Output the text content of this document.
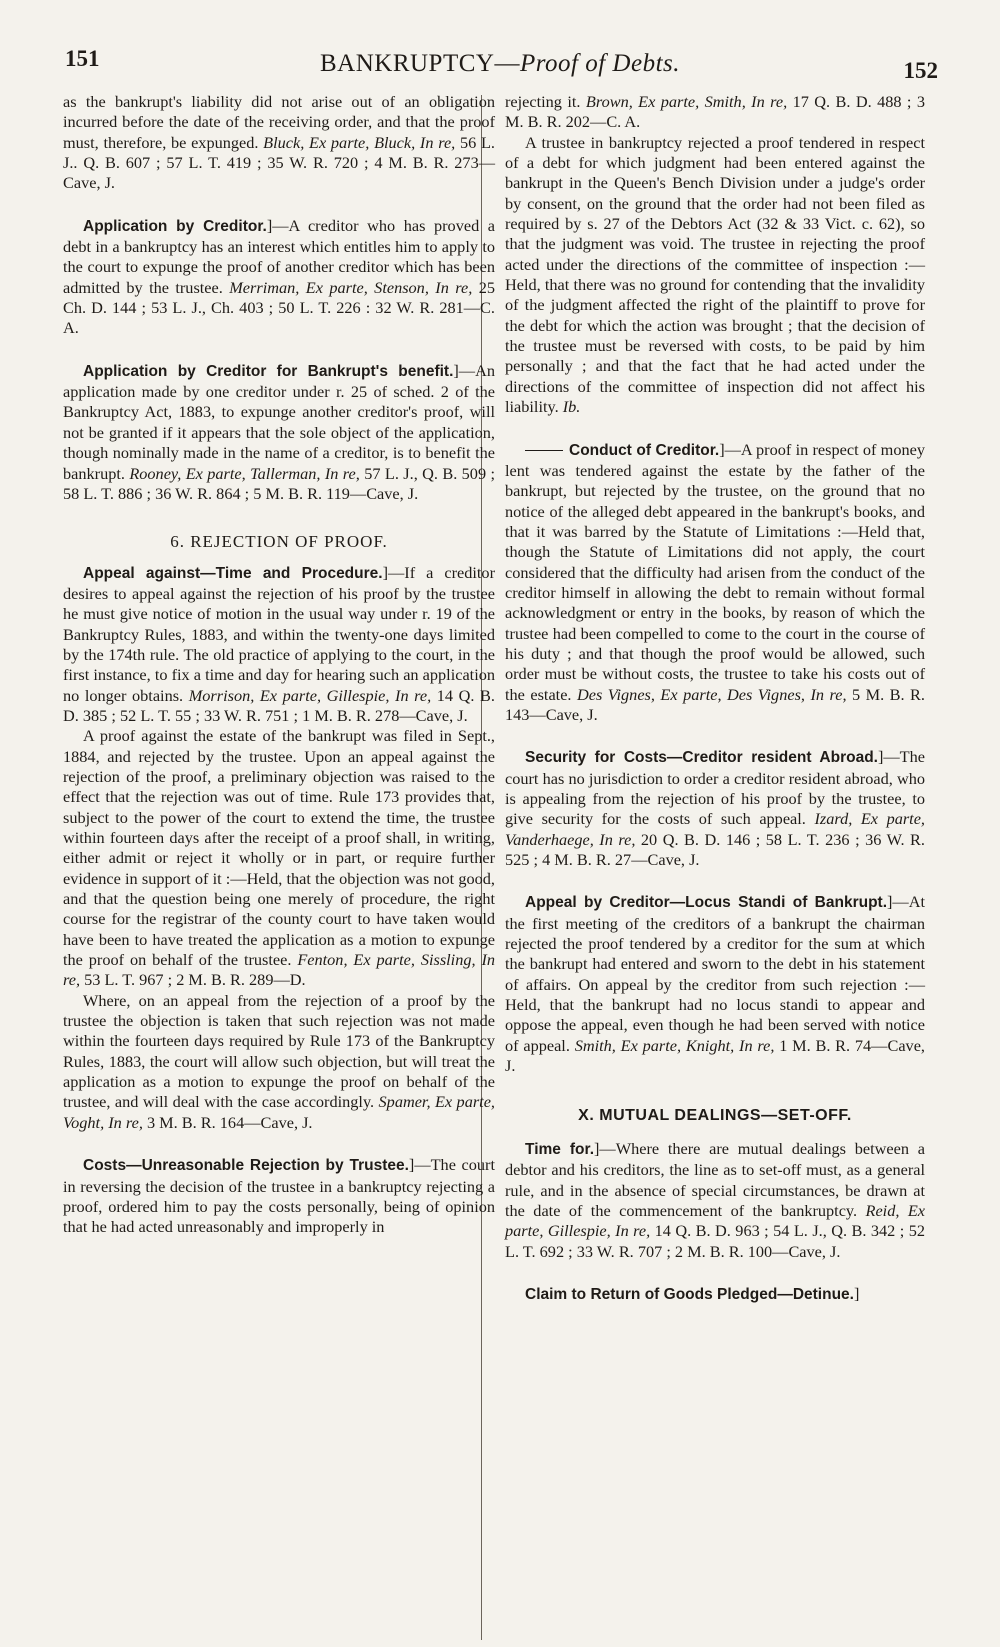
151	BANKRUPTCY—Proof of Debts.	152

as the bankrupt's liability did not arise out of an obligation incurred before the date of the receiving order, and that the proof must, therefore, be expunged. Bluck, Ex parte, Bluck, In re, 56 L. J.. Q. B. 607 ; 57 L. T. 419 ; 35 W. R. 720 ; 4 M. B. R. 273—Cave, J.

Application by Creditor.]—A creditor who has proved a debt in a bankruptcy has an interest which entitles him to apply to the court to expunge the proof of another creditor which has been admitted by the trustee. Merriman, Ex parte, Stenson, In re, 25 Ch. D. 144 ; 53 L. J., Ch. 403 ; 50 L. T. 226 : 32 W. R. 281—C. A.

Application by Creditor for Bankrupt's benefit.]—An application made by one creditor under r. 25 of sched. 2 of the Bankruptcy Act, 1883, to expunge another creditor's proof, will not be granted if it appears that the sole object of the application, though nominally made in the name of a creditor, is to benefit the bankrupt. Rooney, Ex parte, Tallerman, In re, 57 L. J., Q. B. 509 ; 58 L. T. 886 ; 36 W. R. 864 ; 5 M. B. R. 119—Cave, J.

6. REJECTION OF PROOF.

Appeal against—Time and Procedure.]—If a creditor desires to appeal against the rejection of his proof by the trustee he must give notice of motion in the usual way under r. 19 of the Bankruptcy Rules, 1883, and within the twenty-one days limited by the 174th rule. The old practice of applying to the court, in the first instance, to fix a time and day for hearing such an application no longer obtains. Morrison, Ex parte, Gillespie, In re, 14 Q. B. D. 385 ; 52 L. T. 55 ; 33 W. R. 751 ; 1 M. B. R. 278—Cave, J.

A proof against the estate of the bankrupt was filed in Sept., 1884, and rejected by the trustee. Upon an appeal against the rejection of the proof, a preliminary objection was raised to the effect that the rejection was out of time. Rule 173 provides that, subject to the power of the court to extend the time, the trustee within fourteen days after the receipt of a proof shall, in writing, either admit or reject it wholly or in part, or require further evidence in support of it :—Held, that the objection was not good, and that the question being one merely of procedure, the right course for the registrar of the county court to have taken would have been to have treated the application as a motion to expunge the proof on behalf of the trustee. Fenton, Ex parte, Sissling, In re, 53 L. T. 967 ; 2 M. B. R. 289—D.

Where, on an appeal from the rejection of a proof by the trustee the objection is taken that such rejection was not made within the fourteen days required by Rule 173 of the Bankruptcy Rules, 1883, the court will allow such objection, but will treat the application as a motion to expunge the proof on behalf of the trustee, and will deal with the case accordingly. Spamer, Ex parte, Voght, In re, 3 M. B. R. 164—Cave, J.

Costs—Unreasonable Rejection by Trustee.]—The court in reversing the decision of the trustee in a bankruptcy rejecting a proof, ordered him to pay the costs personally, being of opinion that he had acted unreasonably and improperly in

rejecting it. Brown, Ex parte, Smith, In re, 17 Q. B. D. 488 ; 3 M. B. R. 202—C. A.

A trustee in bankruptcy rejected a proof tendered in respect of a debt for which judgment had been entered against the bankrupt in the Queen's Bench Division under a judge's order by consent, on the ground that the order had not been filed as required by s. 27 of the Debtors Act (32 & 33 Vict. c. 62), so that the judgment was void. The trustee in rejecting the proof acted under the directions of the committee of inspection :—Held, that there was no ground for contending that the invalidity of the judgment affected the right of the plaintiff to prove for the debt for which the action was brought ; that the decision of the trustee must be reversed with costs, to be paid by him personally ; and that the fact that he had acted under the directions of the committee of inspection did not affect his liability. Ib.

Conduct of Creditor.]—A proof in respect of money lent was tendered against the estate by the father of the bankrupt, but rejected by the trustee, on the ground that no notice of the alleged debt appeared in the bankrupt's books, and that it was barred by the Statute of Limitations :—Held that, though the Statute of Limitations did not apply, the court considered that the difficulty had arisen from the conduct of the creditor himself in allowing the debt to remain without formal acknowledgment or entry in the books, by reason of which the trustee had been compelled to come to the court in the course of his duty ; and that though the proof would be allowed, such order must be without costs, the trustee to take his costs out of the estate. Des Vignes, Ex parte, Des Vignes, In re, 5 M. B. R. 143—Cave, J.

Security for Costs—Creditor resident Abroad.]—The court has no jurisdiction to order a creditor resident abroad, who is appealing from the rejection of his proof by the trustee, to give security for the costs of such appeal. Izard, Ex parte, Vanderhaege, In re, 20 Q. B. D. 146 ; 58 L. T. 236 ; 36 W. R. 525 ; 4 M. B. R. 27—Cave, J.

Appeal by Creditor—Locus Standi of Bankrupt.]—At the first meeting of the creditors of a bankrupt the chairman rejected the proof tendered by a creditor for the sum at which the bankrupt had entered and sworn to the debt in his statement of affairs. On appeal by the creditor from such rejection :—Held, that the bankrupt had no locus standi to appear and oppose the appeal, even though he had been served with notice of appeal. Smith, Ex parte, Knight, In re, 1 M. B. R. 74—Cave, J.

X. MUTUAL DEALINGS—SET-OFF.

Time for.]—Where there are mutual dealings between a debtor and his creditors, the line as to set-off must, as a general rule, and in the absence of special circumstances, be drawn at the date of the commencement of the bankruptcy. Reid, Ex parte, Gillespie, In re, 14 Q. B. D. 963 ; 54 L. J., Q. B. 342 ; 52 L. T. 692 ; 33 W. R. 707 ; 2 M. B. R. 100—Cave, J.

Claim to Return of Goods Pledged—Detinue.]
